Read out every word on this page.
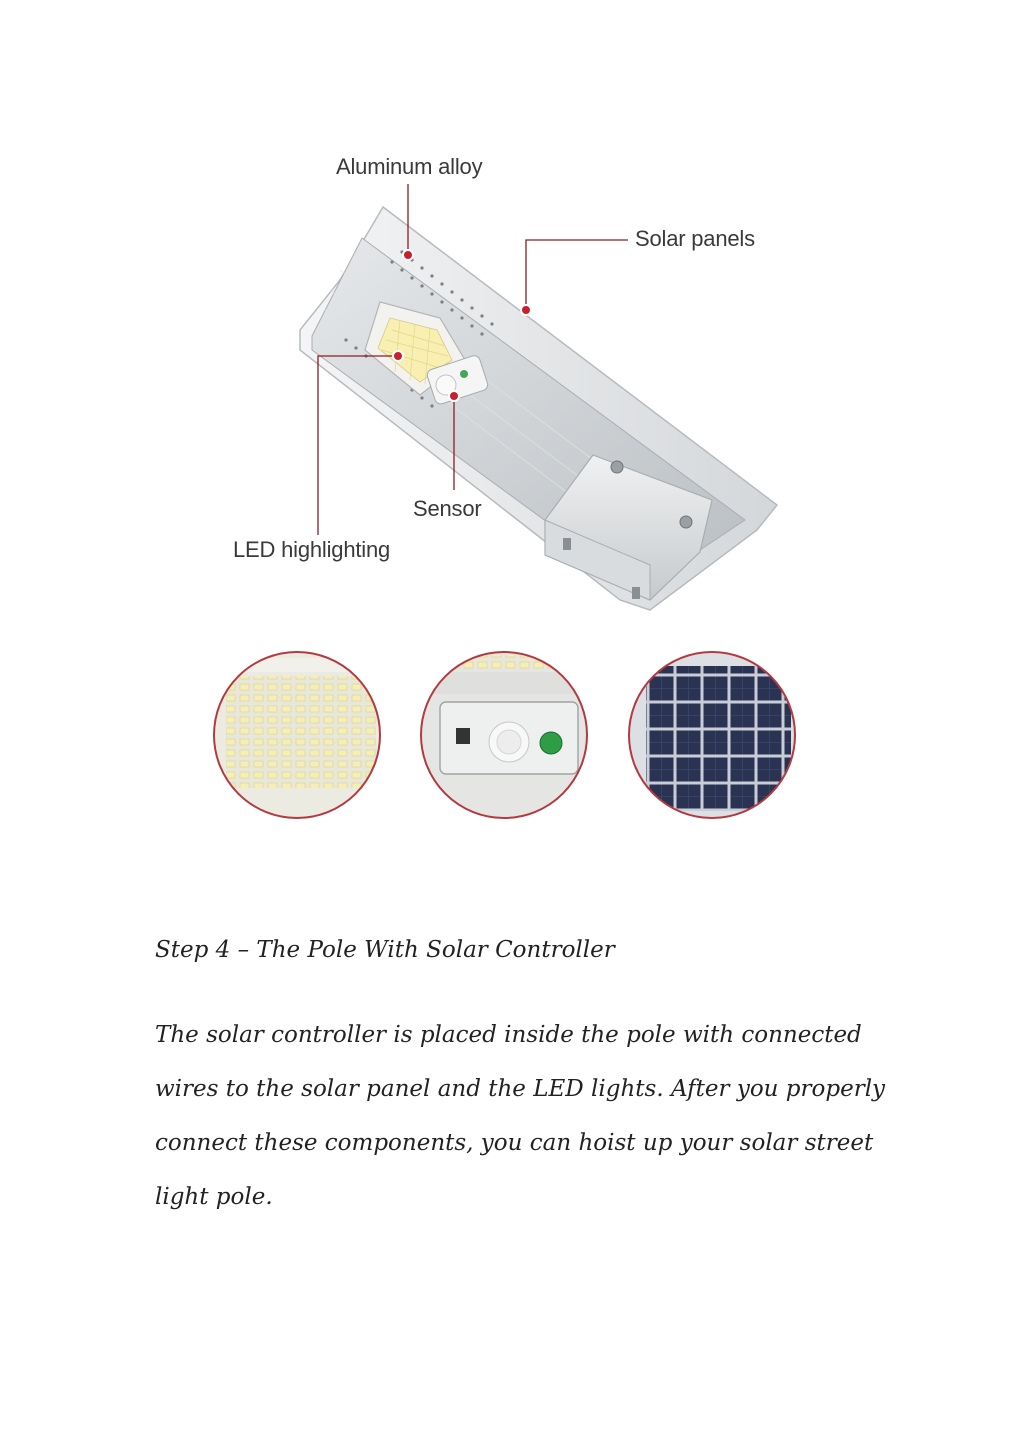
Aluminum alloy
Solar panels
Sensor
LED highlighting
Step 4 – The Pole With Solar Controller

The solar controller is placed inside the pole with connected

wires to the solar panel and the LED lights. After you properly

connect these components, you can hoist up your solar street

light pole.
